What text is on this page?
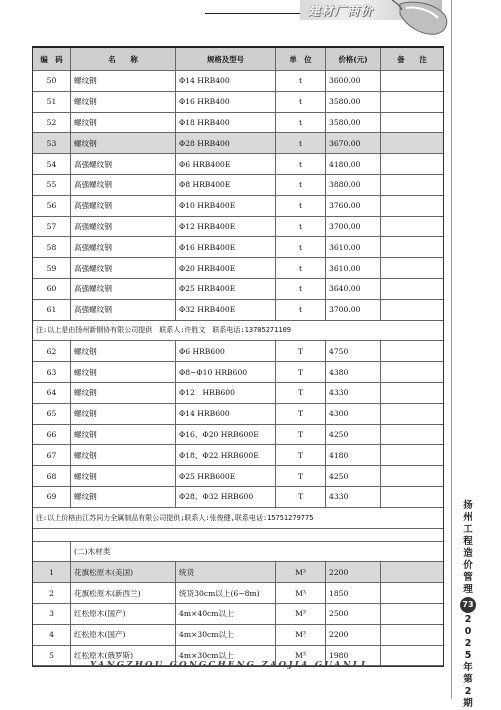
建材厂商价
编　码	名　　称	规格及型号	单　位	价格(元)	备　　注
50	螺纹钢	Φ14 HRB400	t	3600.00
51	螺纹钢	Φ16 HRB400	t	3580.00
52	螺纹钢	Φ18 HRB400	t	3580.00
53	螺纹钢	Φ28 HRB400	t	3670.00
54	高强螺纹钢	Φ6 HRB400E	t	4180.00
55	高强螺纹钢	Φ8 HRB400E	t	3880.00
56	高强螺纹钢	Φ10 HRB400E	t	3760.00
57	高强螺纹钢	Φ12 HRB400E	t	3700.00
58	高强螺纹钢	Φ16 HRB400E	t	3610.00
59	高强螺纹钢	Φ20 HRB400E	t	3610.00
60	高强螺纹钢	Φ25 HRB400E	t	3640.00
61	高强螺纹钢	Φ32 HRB400E	t	3700.00
注:以上是由扬州新钢协有限公司提供　联系人:许胜文　联系电话:13705271109
62	螺纹钢	Φ6 HRB600	T	4750
63	螺纹钢	Φ8~Φ10 HRB600	T	4380
64	螺纹钢	Φ12　HRB600	T	4330
65	螺纹钢	Φ14 HRB600	T	4300
66	螺纹钢	Φ16、Φ20 HRB600E	T	4250
67	螺纹钢	Φ18、Φ22 HRB600E	T	4180
68	螺纹钢	Φ25 HRB600E	T	4250
69	螺纹钢	Φ28、Φ32 HRB600	T	4330
注:以上价格由江苏同力全属制品有限公司提供;联系人:张俊健,联系电话:15751279775
(二)木材类
1	花旗松原木(美国)	统货	M³	2200
2	花旗松原木(新西兰)	统货30cm以上(6~8m)	M³	1850
3	红松原木(国产)	4m×40cm以上	M³	2500
4	红松原木(国产)	4m×30cm以上	M³	2200
5	红松原木(俄罗斯)	4m×30cm以上	M³	1980
扬
州
工
程
造
价
管
理
73
2
0
2
5
年
第
2
期
YANGZHOU GONGCHENG ZAOJIA GUANLI
